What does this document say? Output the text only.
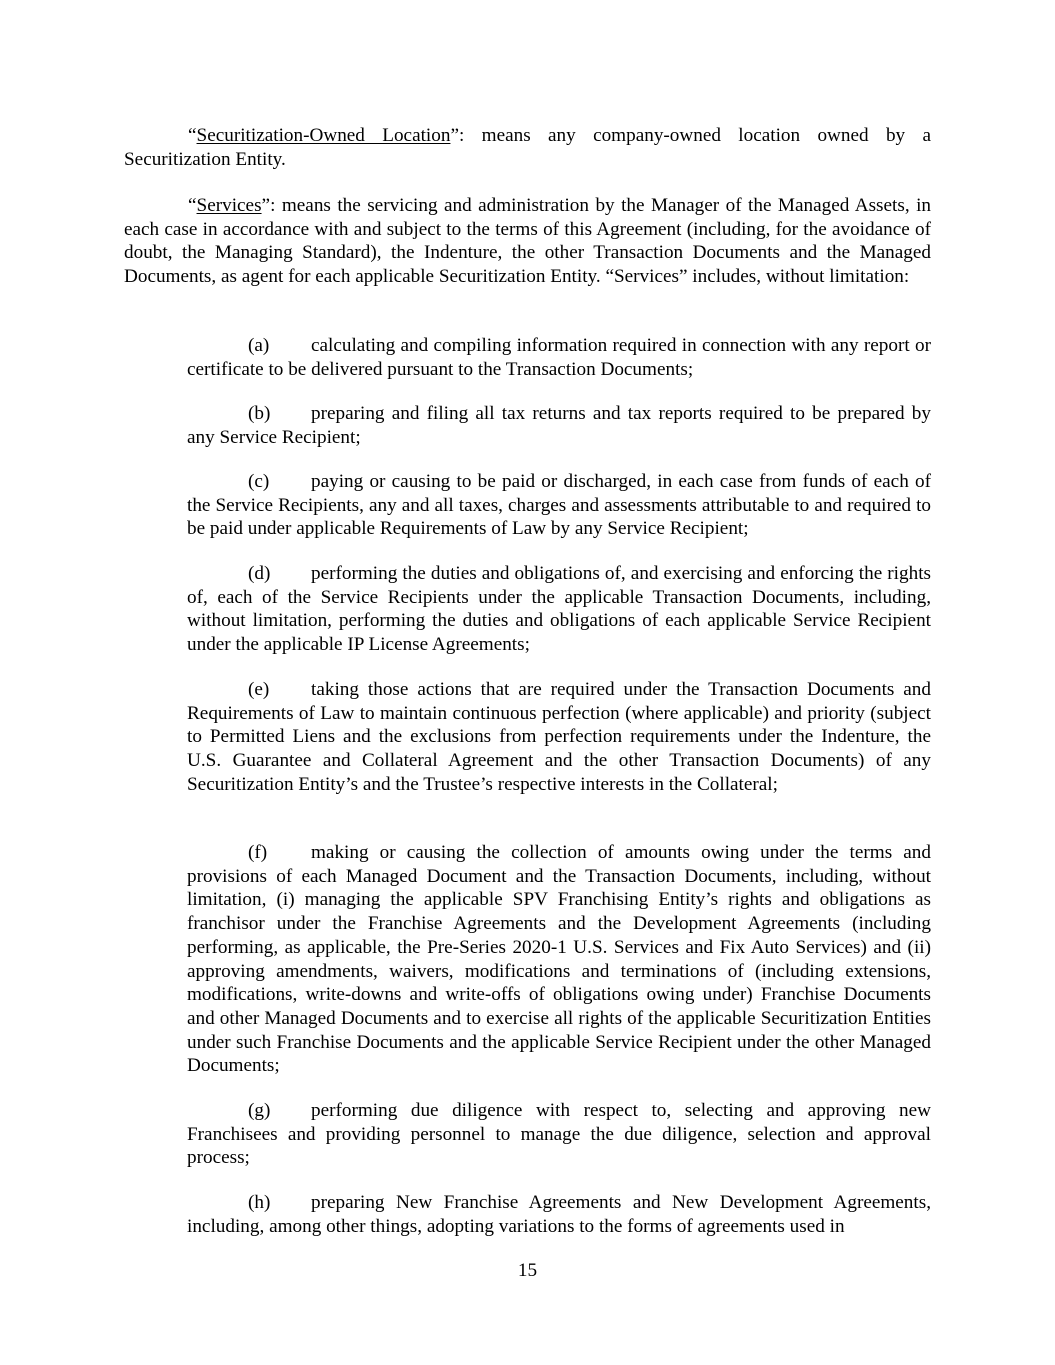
“Securitization-Owned Location”: means any company-owned location owned by a Securitization Entity.

“Services”: means the servicing and administration by the Manager of the Managed Assets, in each case in accordance with and subject to the terms of this Agreement (including, for the avoidance of doubt, the Managing Standard), the Indenture, the other Transaction Documents and the Managed Documents, as agent for each applicable Securitization Entity. “Services” includes, without limitation:

(a) calculating and compiling information required in connection with any report or certificate to be delivered pursuant to the Transaction Documents;

(b) preparing and filing all tax returns and tax reports required to be prepared by any Service Recipient;

(c) paying or causing to be paid or discharged, in each case from funds of each of the Service Recipients, any and all taxes, charges and assessments attributable to and required to be paid under applicable Requirements of Law by any Service Recipient;

(d) performing the duties and obligations of, and exercising and enforcing the rights of, each of the Service Recipients under the applicable Transaction Documents, including, without limitation, performing the duties and obligations of each applicable Service Recipient under the applicable IP License Agreements;

(e) taking those actions that are required under the Transaction Documents and Requirements of Law to maintain continuous perfection (where applicable) and priority (subject to Permitted Liens and the exclusions from perfection requirements under the Indenture, the U.S. Guarantee and Collateral Agreement and the other Transaction Documents) of any Securitization Entity’s and the Trustee’s respective interests in the Collateral;

(f) making or causing the collection of amounts owing under the terms and provisions of each Managed Document and the Transaction Documents, including, without limitation, (i) managing the applicable SPV Franchising Entity’s rights and obligations as franchisor under the Franchise Agreements and the Development Agreements (including performing, as applicable, the Pre-Series 2020-1 U.S. Services and Fix Auto Services) and (ii) approving amendments, waivers, modifications and terminations of (including extensions, modifications, write-downs and write-offs of obligations owing under) Franchise Documents and other Managed Documents and to exercise all rights of the applicable Securitization Entities under such Franchise Documents and the applicable Service Recipient under the other Managed Documents;

(g) performing due diligence with respect to, selecting and approving new Franchisees and providing personnel to manage the due diligence, selection and approval process;

(h) preparing New Franchise Agreements and New Development Agreements, including, among other things, adopting variations to the forms of agreements used in

15
